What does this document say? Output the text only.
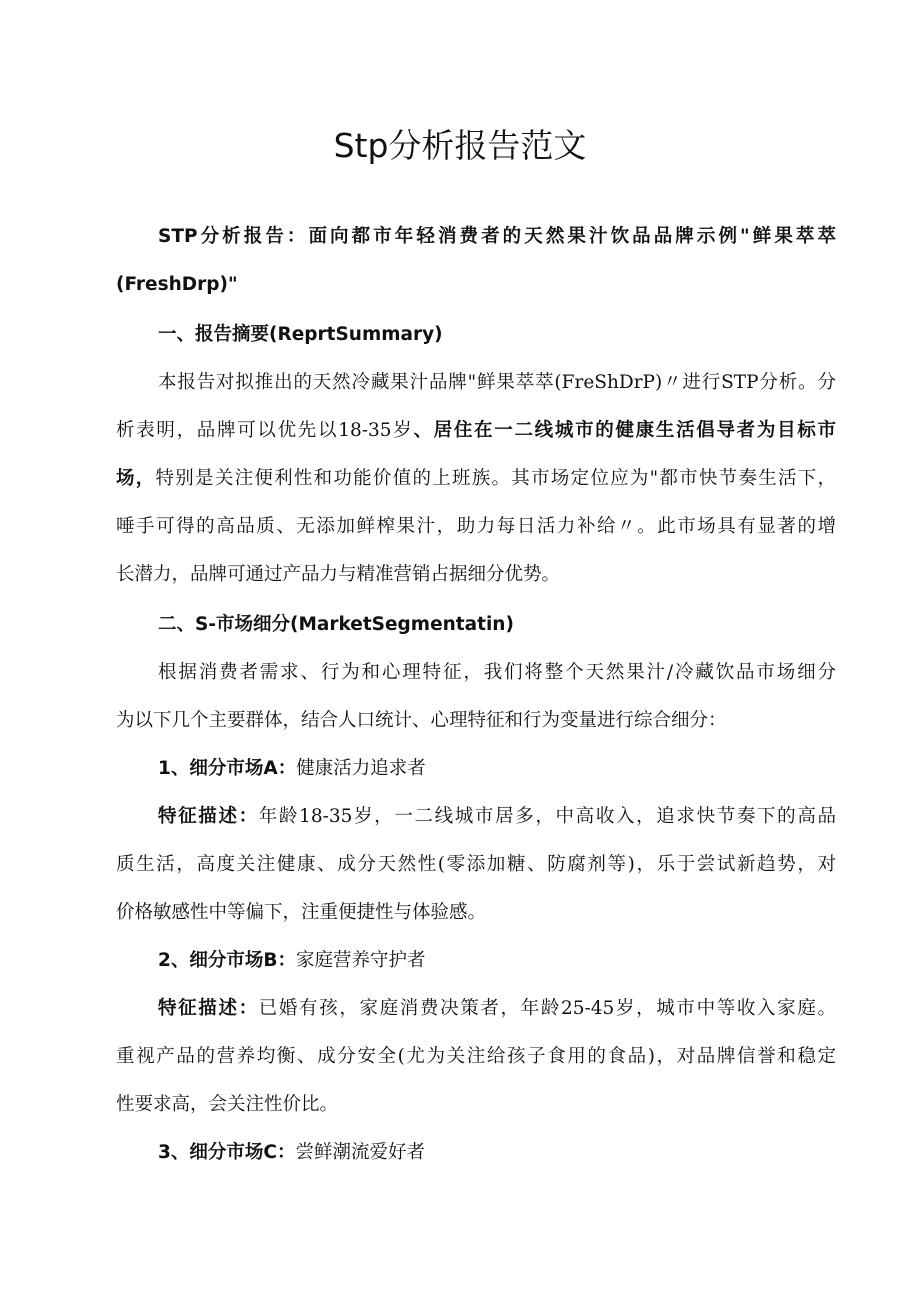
Stp分析报告范文
STP分析报告：面向都市年轻消费者的天然果汁饮品品牌示例"鲜果萃萃
(FreshDrp)"
一、报告摘要(ReprtSummary)
本报告对拟推出的天然冷藏果汁品牌"鲜果萃萃(FreShDrP)〃进行STP分析。分
析表明，品牌可以优先以18-35岁、居住在一二线城市的健康生活倡导者为目标市
场，特别是关注便利性和功能价值的上班族。其市场定位应为"都市快节奏生活下，
唾手可得的高品质、无添加鲜榨果汁，助力每日活力补给〃。此市场具有显著的增
长潜力，品牌可通过产品力与精准营销占据细分优势。
二、S-市场细分(MarketSegmentatin)
根据消费者需求、行为和心理特征，我们将整个天然果汁/冷藏饮品市场细分
为以下几个主要群体，结合人口统计、心理特征和行为变量进行综合细分：
1、细分市场A：健康活力追求者
特征描述：年龄18-35岁，一二线城市居多，中高收入，追求快节奏下的高品
质生活，高度关注健康、成分天然性(零添加糖、防腐剂等)，乐于尝试新趋势，对
价格敏感性中等偏下，注重便捷性与体验感。
2、细分市场B：家庭营养守护者
特征描述：已婚有孩，家庭消费决策者，年龄25-45岁，城市中等收入家庭。
重视产品的营养均衡、成分安全(尤为关注给孩子食用的食品)，对品牌信誉和稳定
性要求高，会关注性价比。
3、细分市场C：尝鲜潮流爱好者
